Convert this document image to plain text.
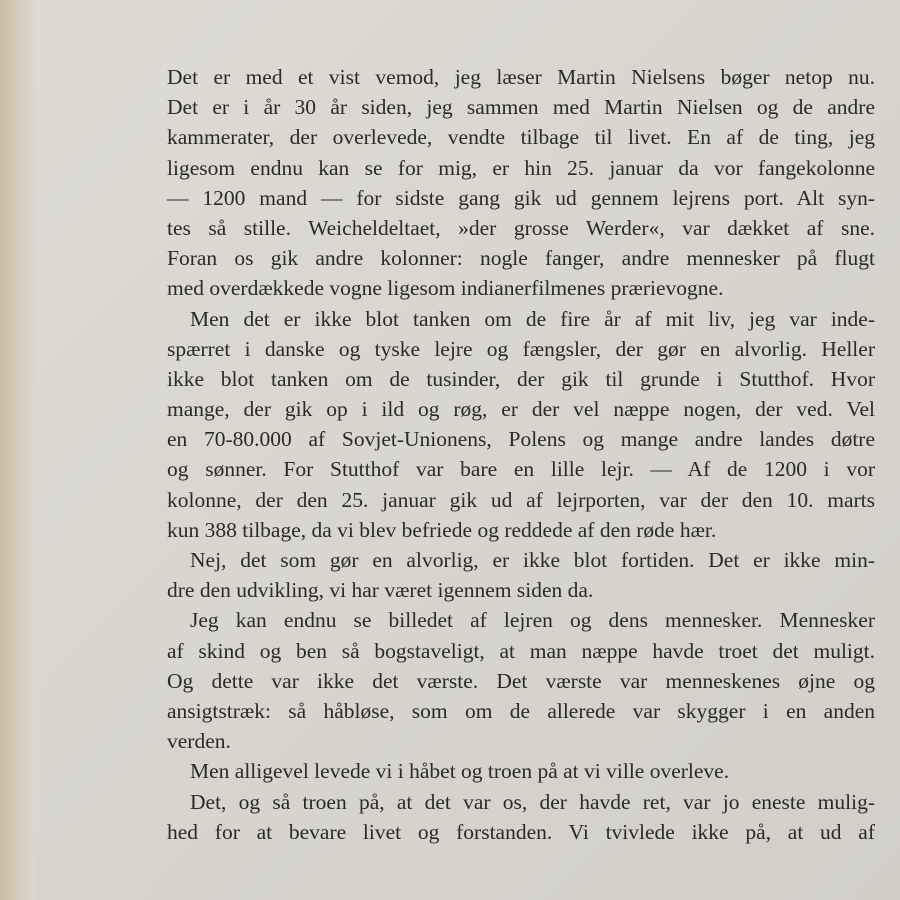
Det er med et vist vemod, jeg læser Martin Nielsens bøger netop nu.
Det er i år 30 år siden, jeg sammen med Martin Nielsen og de andre
kammerater, der overlevede, vendte tilbage til livet. En af de ting, jeg
ligesom endnu kan se for mig, er hin 25. januar da vor fangekolonne
— 1200 mand — for sidste gang gik ud gennem lejrens port. Alt syn-
tes så stille. Weicheldeltaet, »der grosse Werder«, var dækket af sne.
Foran os gik andre kolonner: nogle fanger, andre mennesker på flugt
med overdækkede vogne ligesom indianerfilmenes prærievogne.
Men det er ikke blot tanken om de fire år af mit liv, jeg var inde-
spærret i danske og tyske lejre og fængsler, der gør en alvorlig. Heller
ikke blot tanken om de tusinder, der gik til grunde i Stutthof. Hvor
mange, der gik op i ild og røg, er der vel næppe nogen, der ved. Vel
en 70-80.000 af Sovjet-Unionens, Polens og mange andre landes døtre
og sønner. For Stutthof var bare en lille lejr. — Af de 1200 i vor
kolonne, der den 25. januar gik ud af lejrporten, var der den 10. marts
kun 388 tilbage, da vi blev befriede og reddede af den røde hær.
Nej, det som gør en alvorlig, er ikke blot fortiden. Det er ikke min-
dre den udvikling, vi har været igennem siden da.
Jeg kan endnu se billedet af lejren og dens mennesker. Mennesker
af skind og ben så bogstaveligt, at man næppe havde troet det muligt.
Og dette var ikke det værste. Det værste var menneskenes øjne og
ansigtstræk: så håbløse, som om de allerede var skygger i en anden
verden.
Men alligevel levede vi i håbet og troen på at vi ville overleve.
Det, og så troen på, at det var os, der havde ret, var jo eneste mulig-
hed for at bevare livet og forstanden. Vi tvivlede ikke på, at ud af
